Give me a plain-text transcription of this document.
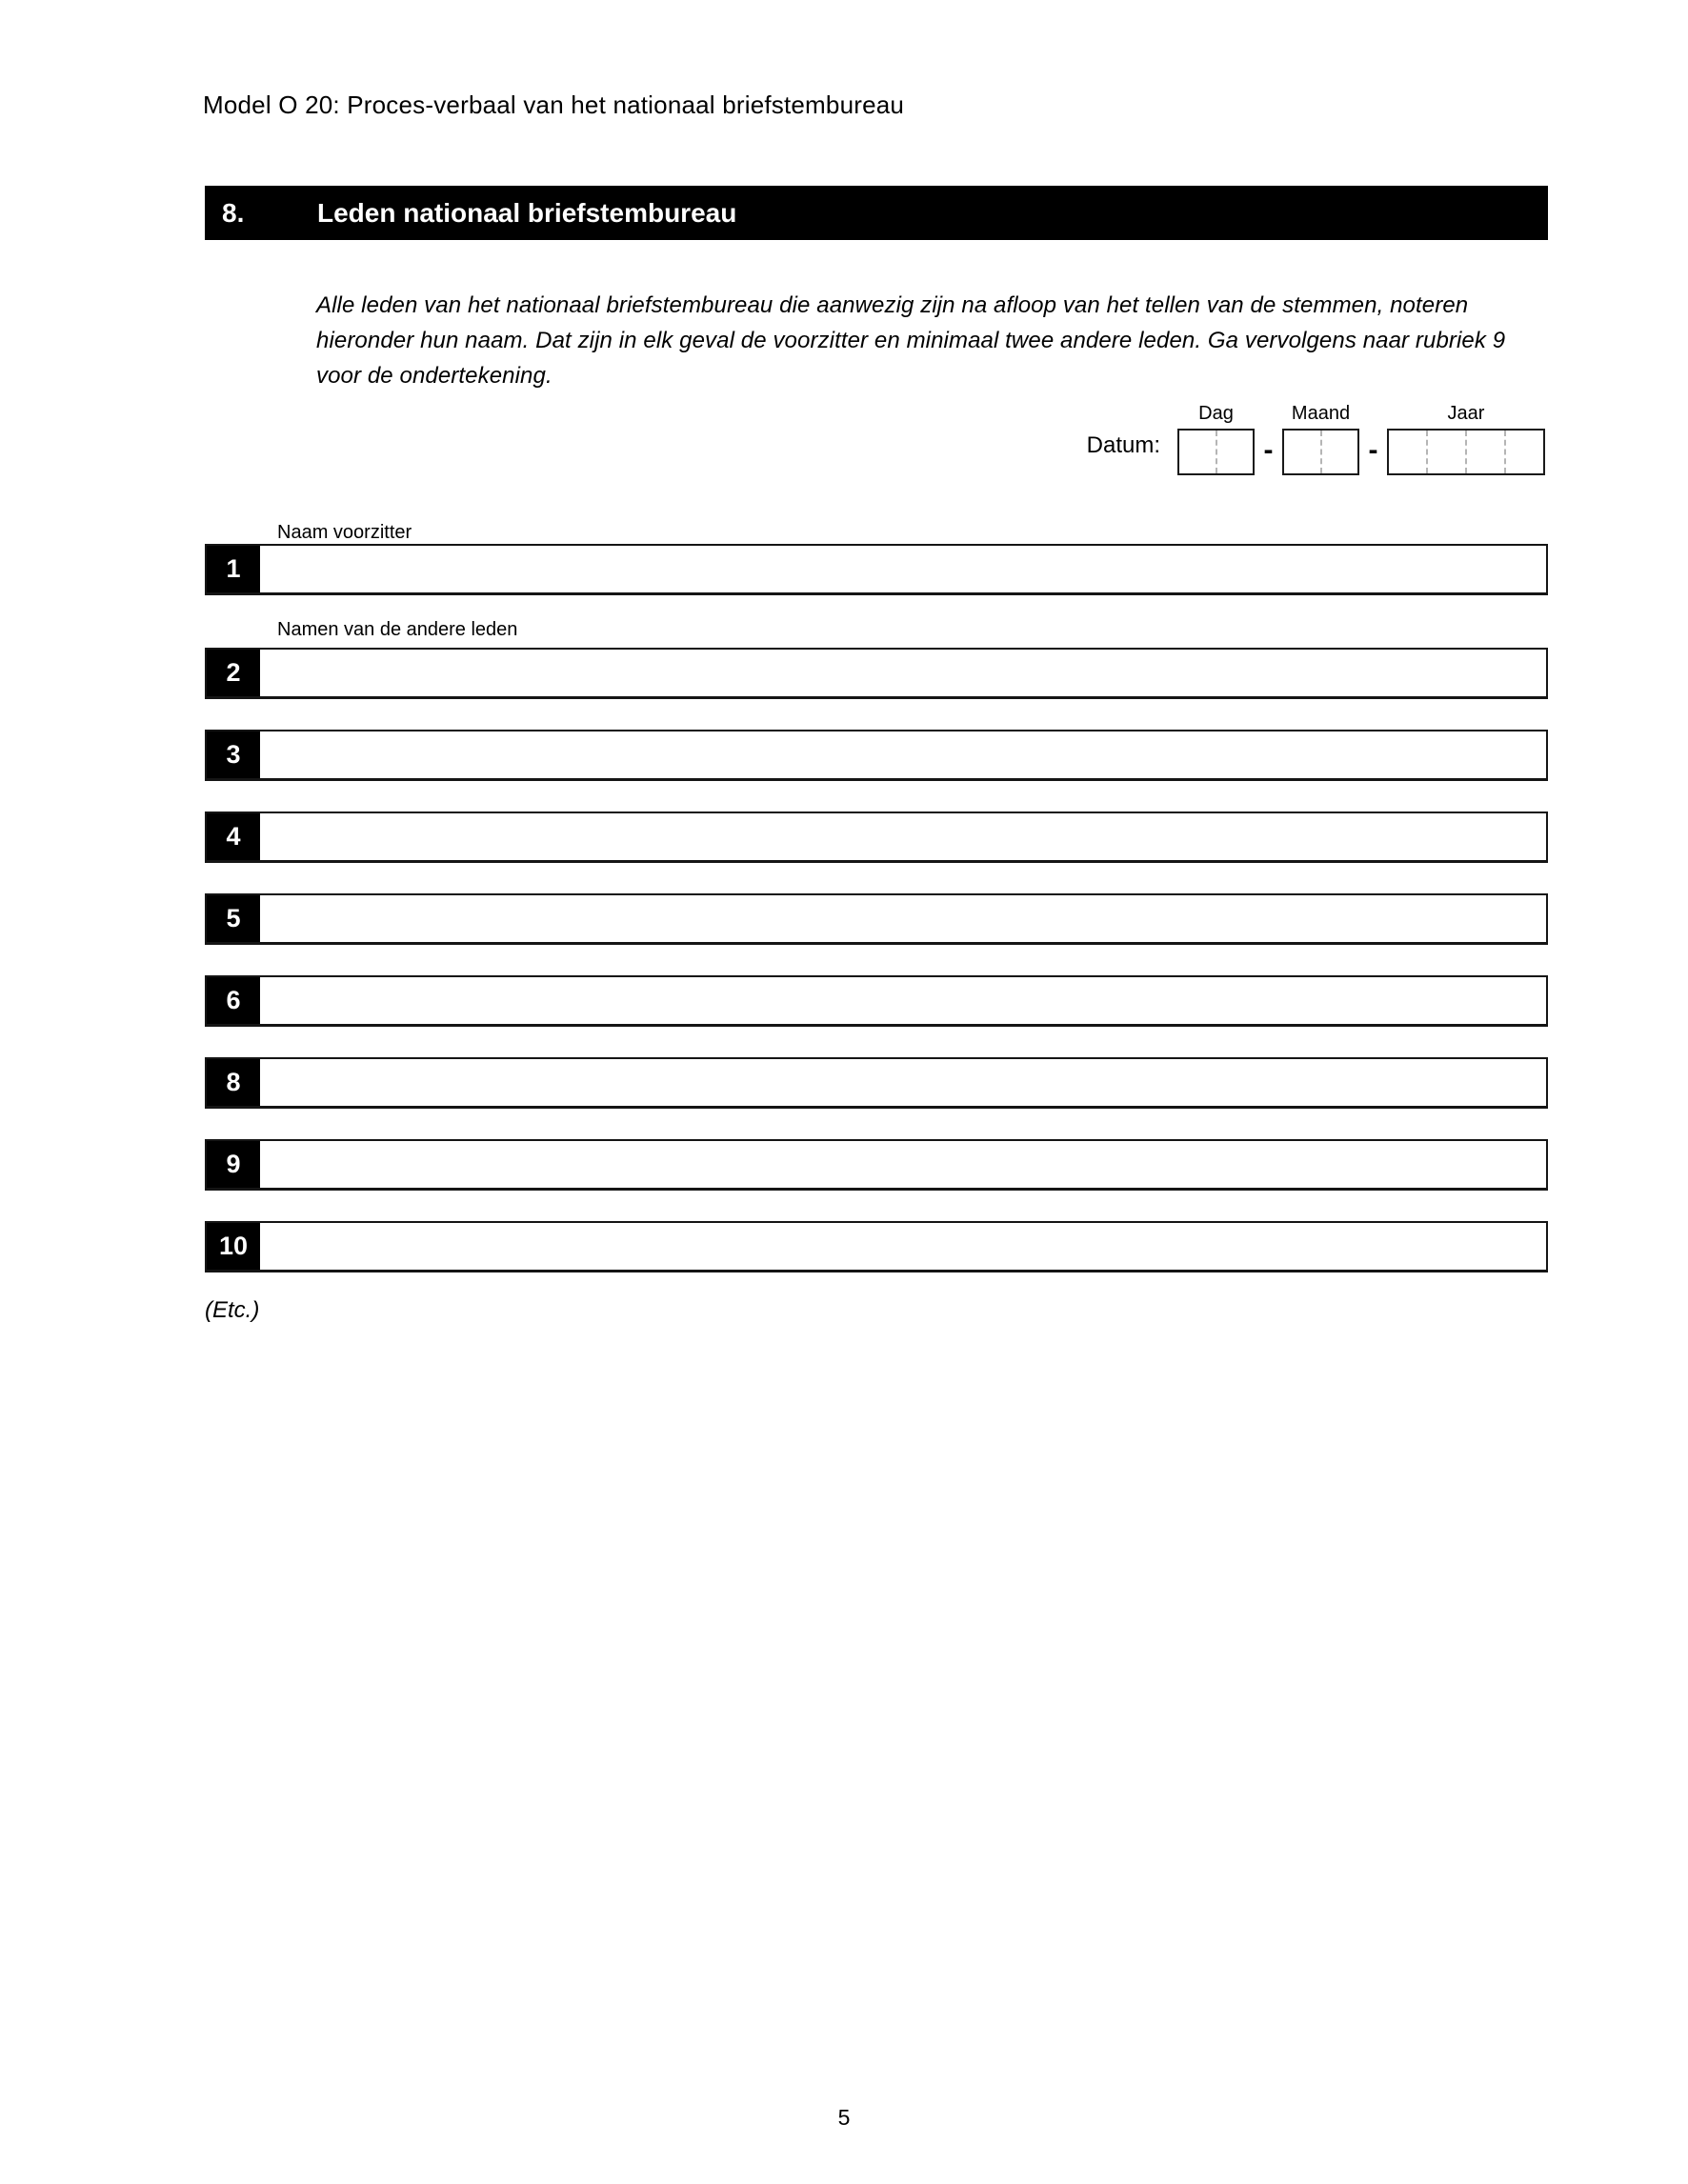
Model O 20: Proces-verbaal van het nationaal briefstembureau
8.	Leden nationaal briefstembureau

Alle leden van het nationaal briefstembureau die aanwezig zijn na afloop van het tellen van de stemmen, noteren hieronder hun naam. Dat zijn in elk geval de voorzitter en minimaal twee andere leden. Ga vervolgens naar rubriek 9 voor de ondertekening.

Datum:
Dag
-
Maand
-
Jaar
Naam voorzitter
1
Namen van de andere leden
2
3
4
5
6
8
9
10
(Etc.)
5
